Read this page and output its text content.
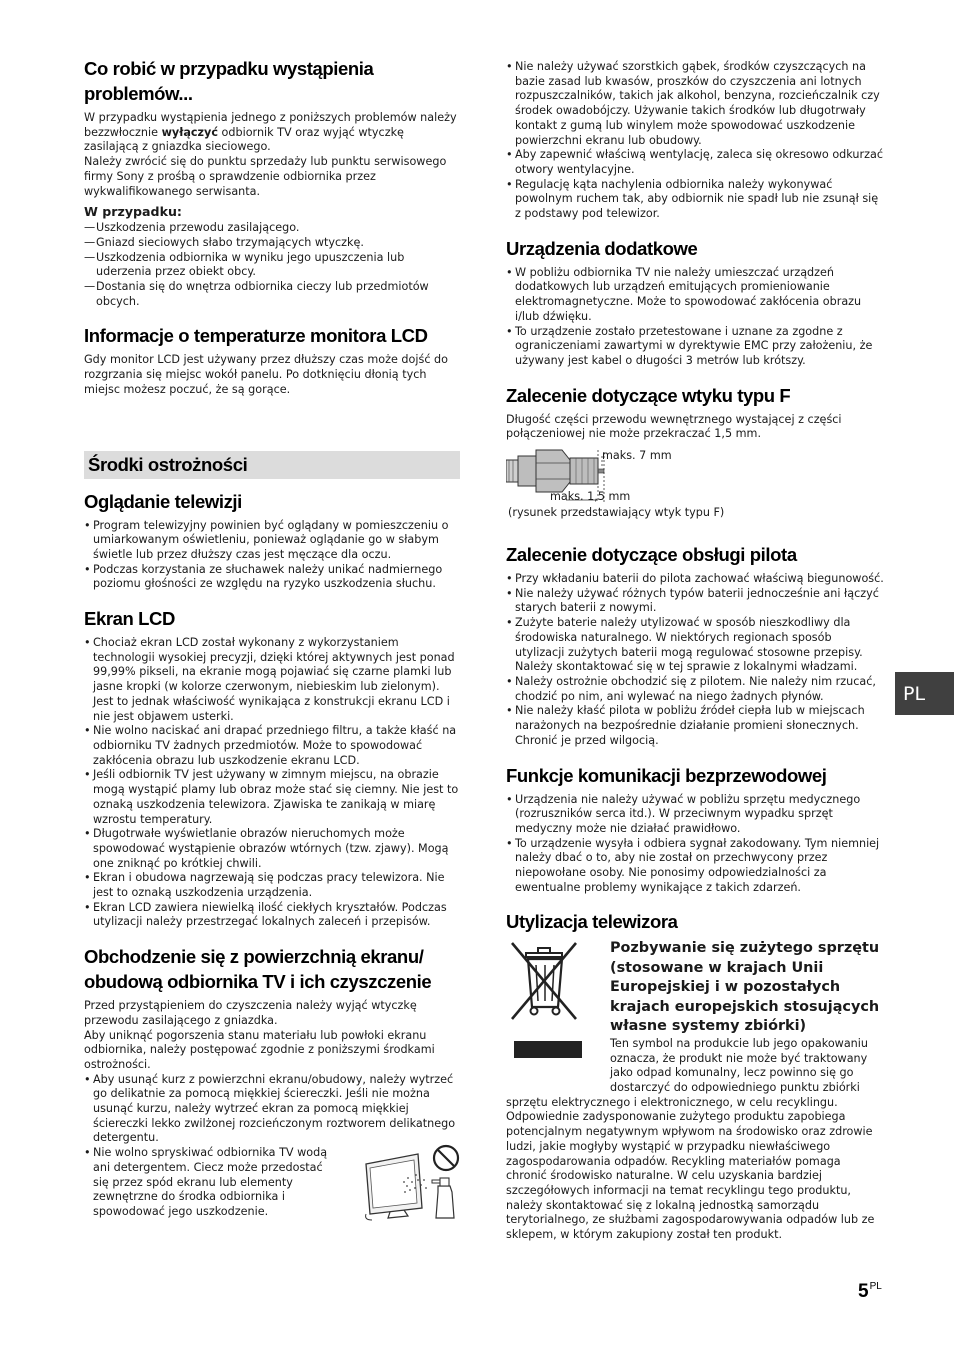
Co robić w przypadku wystąpienia problemów...

W przypadku wystąpienia jednego z poniższych problemów należy bezzwłocznie wyłączyć odbiornik TV oraz wyjąć wtyczkę zasilającą z gniazdka sieciowego.

Należy zwrócić się do punktu sprzedaży lub punktu serwisowego firmy Sony z prośbą o sprawdzenie odbiornika przez wykwalifikowanego serwisanta.

W przypadku:
— Uszkodzenia przewodu zasilającego.
— Gniazd sieciowych słabo trzymających wtyczkę.
— Uszkodzenia odbiornika w wyniku jego upuszczenia lub uderzenia przez obiekt obcy.
— Dostania się do wnętrza odbiornika cieczy lub przedmiotów obcych.
Informacje o temperaturze monitora LCD

Gdy monitor LCD jest używany przez dłuższy czas może dojść do rozgrzania się miejsc wokół panelu. Po dotknięciu dłonią tych miejsc możesz poczuć, że są gorące.

Środki ostrożności
Oglądanie telewizji
• Program telewizyjny powinien być oglądany w pomieszczeniu o umiarkowanym oświetleniu, ponieważ oglądanie go w słabym świetle lub przez dłuższy czas jest męczące dla oczu.
• Podczas korzystania ze słuchawek należy unikać nadmiernego poziomu głośności ze względu na ryzyko uszkodzenia słuchu.
Ekran LCD
• Chociaż ekran LCD został wykonany z wykorzystaniem technologii wysokiej precyzji, dzięki której aktywnych jest ponad 99,99% pikseli, na ekranie mogą pojawiać się czarne plamki lub jasne kropki (w kolorze czerwonym, niebieskim lub zielonym). Jest to jednak właściwość wynikająca z konstrukcji ekranu LCD i nie jest objawem usterki.
• Nie wolno naciskać ani drapać przedniego filtru, a także kłaść na odbiorniku TV żadnych przedmiotów. Może to spowodować zakłócenia obrazu lub uszkodzenie ekranu LCD.
• Jeśli odbiornik TV jest używany w zimnym miejscu, na obrazie mogą wystąpić plamy lub obraz może stać się ciemny. Nie jest to oznaką uszkodzenia telewizora. Zjawiska te zanikają w miarę wzrostu temperatury.
• Długotrwałe wyświetlanie obrazów nieruchomych może spowodować wystąpienie obrazów wtórnych (tzw. zjawy). Mogą one zniknąć po krótkiej chwili.
• Ekran i obudowa nagrzewają się podczas pracy telewizora. Nie jest to oznaką uszkodzenia urządzenia.
• Ekran LCD zawiera niewielką ilość ciekłych kryształów. Podczas utylizacji należy przestrzegać lokalnych zaleceń i przepisów.
Obchodzenie się z powierzchnią ekranu/ obudową odbiornika TV i ich czyszczenie

Przed przystąpieniem do czyszczenia należy wyjąć wtyczkę przewodu zasilającego z gniazdka.

Aby uniknąć pogorszenia stanu materiału lub powłoki ekranu odbiornika, należy postępować zgodnie z poniższymi środkami ostrożności.

• Aby usunąć kurz z powierzchni ekranu/obudowy, należy wytrzeć go delikatnie za pomocą miękkiej ściereczki. Jeśli nie można usunąć kurzu, należy wytrzeć ekran za pomocą miękkiej ściereczki lekko zwilżonej rozcieńczonym roztworem delikatnego detergentu.
• Nie wolno spryskiwać odbiornika TV wodą ani detergentem. Ciecz może przedostać się przez spód ekranu lub elementy zewnętrzne do środka odbiornika i spowodować jego uszkodzenie.
• Nie należy używać szorstkich gąbek, środków czyszczących na bazie zasad lub kwasów, proszków do czyszczenia ani lotnych rozpuszczalników, takich jak alkohol, benzyna, rozcieńczalnik czy środek owadobójczy. Używanie takich środków lub długotrwały kontakt z gumą lub winylem może spowodować uszkodzenie powierzchni ekranu lub obudowy.
• Aby zapewnić właściwą wentylację, zaleca się okresowo odkurzać otwory wentylacyjne.
• Regulację kąta nachylenia odbiornika należy wykonywać powolnym ruchem tak, aby odbiornik nie spadł lub nie zsunął się z podstawy pod telewizor.
Urządzenia dodatkowe
• W pobliżu odbiornika TV nie należy umieszczać urządzeń dodatkowych lub urządzeń emitujących promieniowanie elektromagnetyczne. Może to spowodować zakłócenia obrazu i/lub dźwięku.
• To urządzenie zostało przetestowane i uznane za zgodne z ograniczeniami zawartymi w dyrektywie EMC przy założeniu, że używany jest kabel o długości 3 metrów lub krótszy.
Zalecenie dotyczące wtyku typu F

Długość części przewodu wewnętrznego wystającej z części połączeniowej nie może przekraczać 1,5 mm.

maks. 7 mm
maks. 1,5 mm
(rysunek przedstawiający wtyk typu F)
Zalecenie dotyczące obsługi pilota
• Przy wkładaniu baterii do pilota zachować właściwą biegunowość.
• Nie należy używać różnych typów baterii jednocześnie ani łączyć starych baterii z nowymi.
• Zużyte baterie należy utylizować w sposób nieszkodliwy dla środowiska naturalnego. W niektórych regionach sposób utylizacji zużytych baterii mogą regulować stosowne przepisy. Należy skontaktować się w tej sprawie z lokalnymi władzami.
• Należy ostrożnie obchodzić się z pilotem. Nie należy nim rzucać, chodzić po nim, ani wylewać na niego żadnych płynów.
• Nie należy kłaść pilota w pobliżu źródeł ciepła lub w miejscach narażonych na bezpośrednie działanie promieni słonecznych. Chronić je przed wilgocią.
Funkcje komunikacji bezprzewodowej
• Urządzenia nie należy używać w pobliżu sprzętu medycznego (rozruszników serca itd.). W przeciwnym wypadku sprzęt medyczny może nie działać prawidłowo.
• To urządzenie wysyła i odbiera sygnał zakodowany. Tym niemniej należy dbać o to, aby nie został on przechwycony przez niepowołane osoby. Nie ponosimy odpowiedzialności za ewentualne problemy wynikające z takich zdarzeń.
Utylizacja telewizora
Pozbywanie się zużytego sprzętu (stosowane w krajach Unii Europejskiej i w pozostałych krajach europejskich stosujących własne systemy zbiórki)

Ten symbol na produkcie lub jego opakowaniu oznacza, że produkt nie może być traktowany jako odpad komunalny, lecz powinno się go dostarczyć do odpowiedniego punktu zbiórki

sprzętu elektrycznego i elektronicznego, w celu recyklingu. Odpowiednie zadysponowanie zużytego produktu zapobiega potencjalnym negatywnym wpływom na środowisko oraz zdrowie ludzi, jakie mogłyby wystąpić w przypadku niewłaściwego zagospodarowania odpadów. Recykling materiałów pomaga chronić środowisko naturalne. W celu uzyskania bardziej szczegółowych informacji na temat recyklingu tego produktu, należy skontaktować się z lokalną jednostką samorządu terytorialnego, ze służbami zagospodarowywania odpadów lub ze sklepem, w którym zakupiony został ten produkt.

PL
$5^{PL}$
